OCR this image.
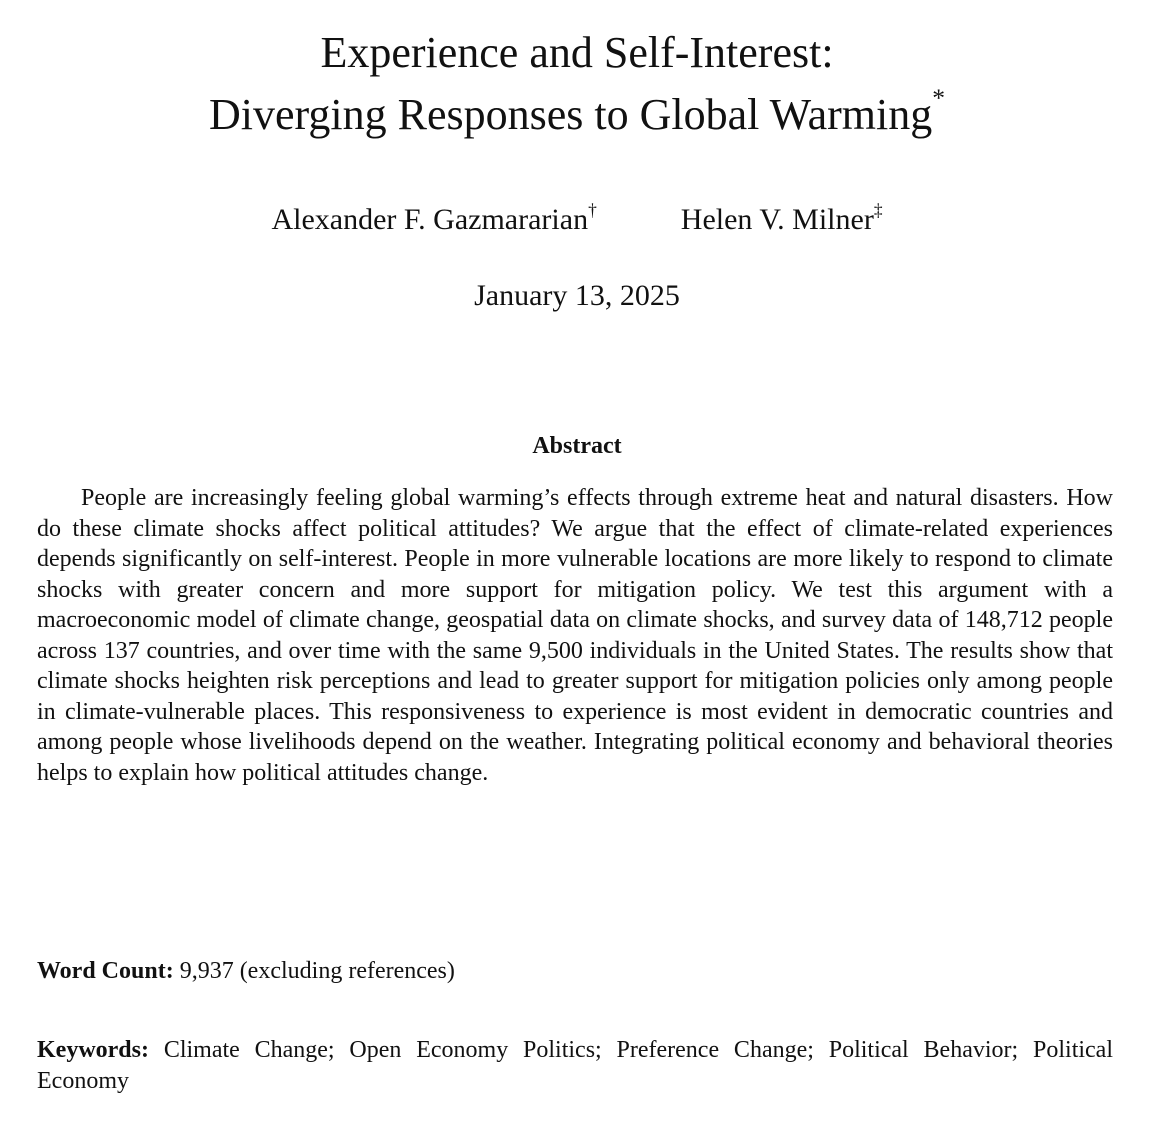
Experience and Self-Interest:
Diverging Responses to Global Warming*
Alexander F. Gazmararian†	Helen V. Milner‡
January 13, 2025
Abstract

People are increasingly feeling global warming’s effects through extreme heat and natural disasters. How do these climate shocks affect political attitudes? We argue that the effect of climate-related experiences depends significantly on self-interest. People in more vulnerable locations are more likely to respond to climate shocks with greater concern and more support for mitigation policy. We test this argument with a macroeconomic model of climate change, geospatial data on climate shocks, and survey data of 148,712 people across 137 countries, and over time with the same 9,500 individuals in the United States. The results show that climate shocks heighten risk perceptions and lead to greater support for mitigation policies only among people in climate-vulnerable places. This responsiveness to experience is most evident in democratic countries and among people whose livelihoods depend on the weather. Integrating political economy and behavioral theories helps to explain how political attitudes change.

Word Count: 9,937 (excluding references)

Keywords: Climate Change; Open Economy Politics; Preference Change; Political Behavior; Political Economy
